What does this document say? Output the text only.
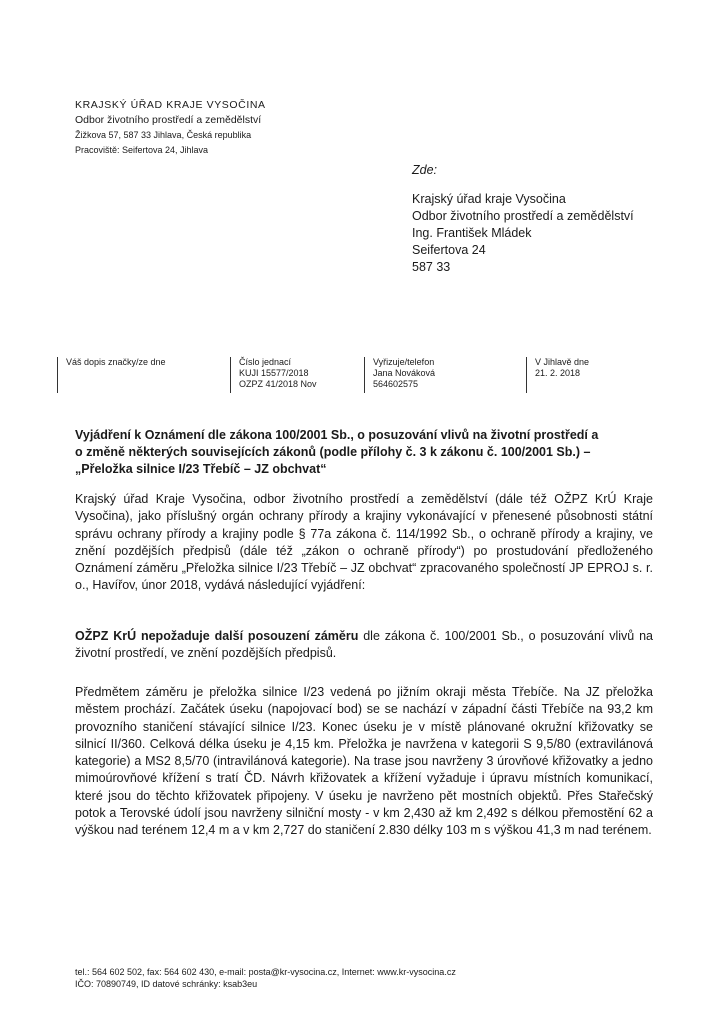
KRAJSKÝ ÚŘAD KRAJE VYSOČINA
Odbor životního prostředí a zemědělství
Žižkova 57, 587 33 Jihlava, Česká republika
Pracoviště: Seifertova 24, Jihlava
Zde:
Krajský úřad kraje Vysočina
Odbor životního prostředí a zemědělství
Ing. František Mládek
Seifertova 24
587 33
Váš dopis značky/ze dne	Číslo jednací
KUJI 15577/2018
OZPZ 41/2018 Nov
Vyřizuje/telefon
Jana Nováková
564602575
V Jihlavě dne
21. 2. 2018
Vyjádření k Oznámení dle zákona 100/2001 Sb., o posuzování vlivů na životní prostředí a
o změně některých souvisejících zákonů (podle přílohy č. 3 k zákonu č. 100/2001 Sb.) –
„Přeložka silnice I/23 Třebíč – JZ obchvat“
Krajský úřad Kraje Vysočina, odbor životního prostředí a zemědělství (dále též OŽPZ KrÚ Kraje Vysočina), jako příslušný orgán ochrany přírody a krajiny vykonávající v přenesené působnosti státní správu ochrany přírody a krajiny podle § 77a zákona č. 114/1992 Sb., o ochraně přírody a krajiny, ve znění pozdějších předpisů (dále též „zákon o ochraně přírody“) po prostudování předloženého Oznámení záměru „Přeložka silnice I/23 Třebíč – JZ obchvat“ zpracovaného společností JP EPROJ s. r. o., Havířov, únor 2018, vydává následující vyjádření:
OŽPZ KrÚ nepožaduje další posouzení záměru dle zákona č. 100/2001 Sb., o posuzování vlivů na životní prostředí, ve znění pozdějších předpisů.
Předmětem záměru je přeložka silnice I/23 vedená po jižním okraji města Třebíče. Na JZ přeložka městem prochází. Začátek úseku (napojovací bod) se se nachází v západní části Třebíče na 93,2 km provozního staničení stávající silnice I/23. Konec úseku je v místě plánované okružní křižovatky se silnicí II/360. Celková délka úseku je 4,15 km. Přeložka je navržena v kategorii S 9,5/80 (extravilánová kategorie) a MS2 8,5/70 (intravilánová kategorie). Na trase jsou navrženy 3 úrovňové křižovatky a jedno mimoúrovňové křížení s tratí ČD. Návrh křižovatek a křížení vyžaduje i úpravu místních komunikací, které jsou do těchto křižovatek připojeny. V úseku je navrženo pět mostních objektů. Přes Stařečský potok a Terovské údolí jsou navrženy silniční mosty - v km 2,430 až km 2,492 s délkou přemostění 62 a výškou nad terénem 12,4 m a v km 2,727 do staničení 2.830 délky 103 m s výškou 41,3 m nad terénem.
tel.: 564 602 502, fax: 564 602 430, e-mail: posta@kr-vysocina.cz, Internet: www.kr-vysocina.cz
IČO: 70890749, ID datové schránky: ksab3eu
